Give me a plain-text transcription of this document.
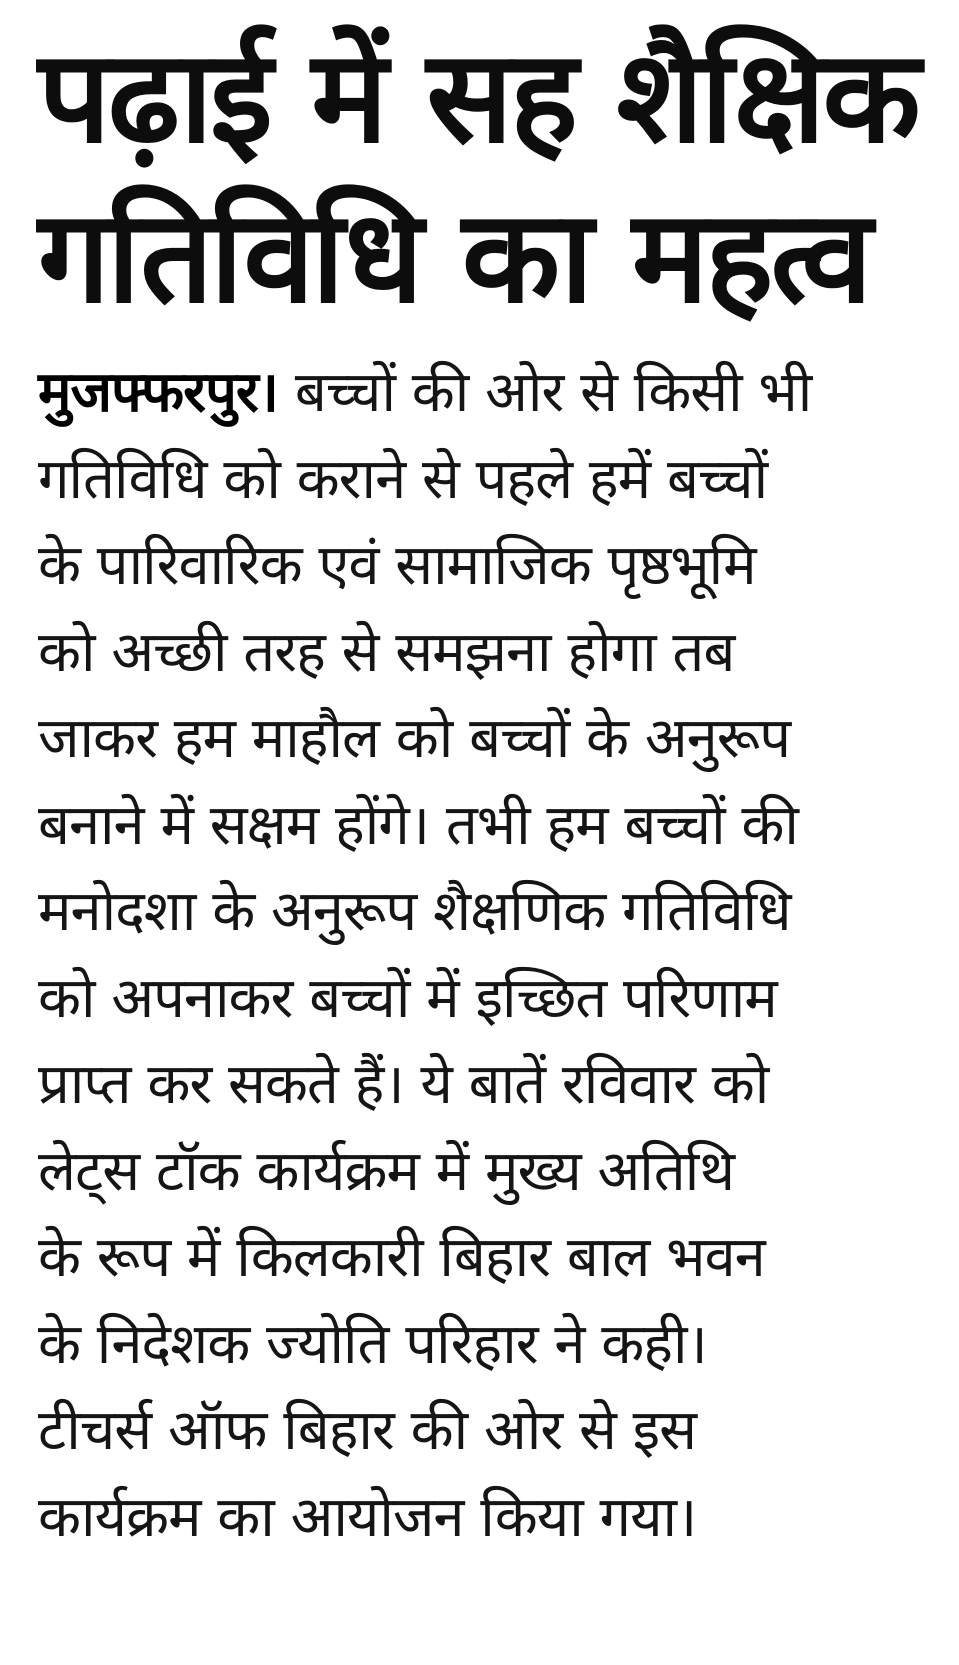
पढ़ाई में सह शैक्षिक
गतिविधि का महत्व
मुजफ्फरपुर। बच्चों की ओर से किसी भी
गतिविधि को कराने से पहले हमें बच्चों
के पारिवारिक एवं सामाजिक पृष्ठभूमि
को अच्छी तरह से समझना होगा तब
जाकर हम माहौल को बच्चों के अनुरूप
बनाने में सक्षम होंगे। तभी हम बच्चों की
मनोदशा के अनुरूप शैक्षणिक गतिविधि
को अपनाकर बच्चों में इच्छित परिणाम
प्राप्त कर सकते हैं। ये बातें रविवार को
लेट्स टॉक कार्यक्रम में मुख्य अतिथि
के रूप में किलकारी बिहार बाल भवन
के निदेशक ज्योति परिहार ने कही।
टीचर्स ऑफ बिहार की ओर से इस
कार्यक्रम का आयोजन किया गया।
